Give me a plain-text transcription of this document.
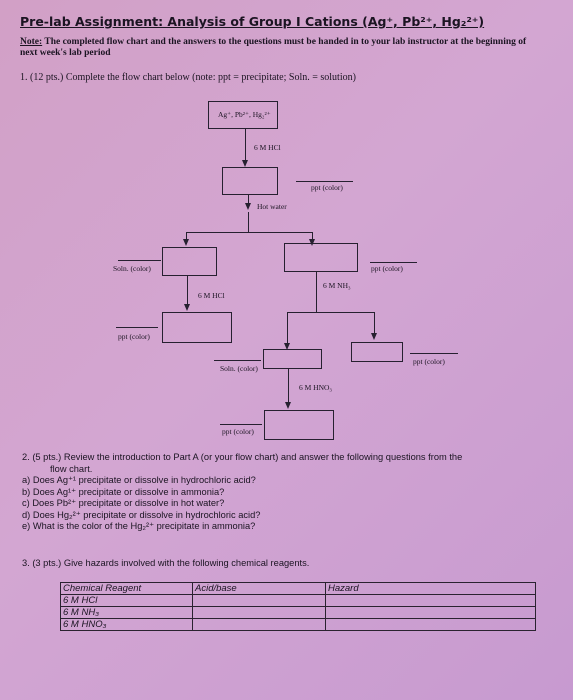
Pre-lab Assignment: Analysis of Group I Cations (Ag⁺, Pb²⁺, Hg₂²⁺)
Note: The completed flow chart and the answers to the questions must be handed in to your lab instructor at the beginning of next week's lab period
1. (12 pts.) Complete the flow chart below (note: ppt = precipitate; Soln. = solution)
Ag⁺, Pb²⁺, Hg₂²⁺
6 M HCl
ppt (color)
Hot water
Soln. (color)	ppt (color)
6 M HCl
6 M NH₃
ppt (color)
ppt (color)
Soln. (color)
6 M HNO₃
ppt (color)
2. (5 pts.) Review the introduction to Part A (or your flow chart) and answer the following questions from the
flow chart.
a) Does Ag⁺¹ precipitate or dissolve in hydrochloric acid?
b) Does Ag¹⁺ precipitate or dissolve in ammonia?
c) Does Pb²⁺ precipitate or dissolve in hot water?
d) Does Hg₂²⁺ precipitate or dissolve in hydrochloric acid?
e) What is the color of the Hg₂²⁺ precipitate in ammonia?
3. (3 pts.) Give hazards involved with the following chemical reagents.
Chemical Reagent	Acid/base	Hazard
6 M HCl		
6 M NH₃		
6 M HNO₃		
